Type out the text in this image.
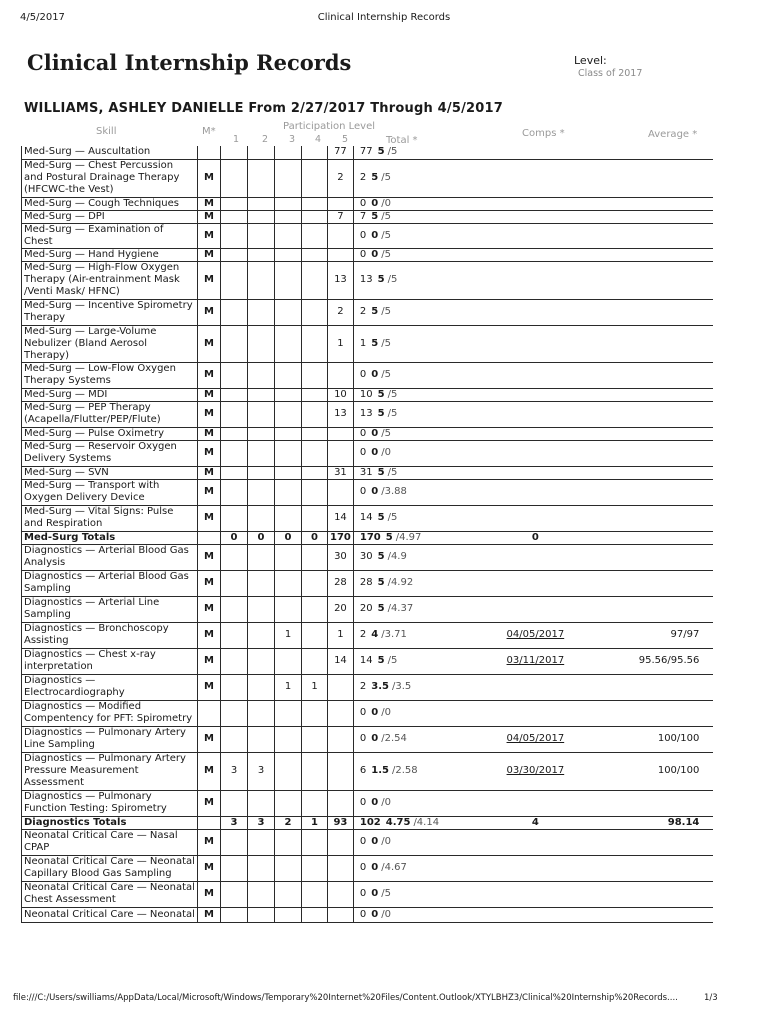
4/5/2017	Clinical Internship Records
Clinical Internship Records	Level:
Class of 2017
WILLIAMS, ASHLEY DANIELLE From 2/27/2017 Through 4/5/2017
Skill	M*	Participation Level
1 2 3 4 5	Total *
Comps *	Average *
Med-Surg — Auscultation						77	77 5 /5		
Med-Surg — Chest Percussion and Postural Drainage Therapy (HFCWC-the Vest)	M					2	2 5 /5		
Med-Surg — Cough Techniques	M						0 0 /0		
Med-Surg — DPI	M					7	7 5 /5		
Med-Surg — Examination of Chest	M						0 0 /5		
Med-Surg — Hand Hygiene	M						0 0 /5		
Med-Surg — High-Flow Oxygen Therapy (Air-entrainment Mask /Venti Mask/ HFNC)	M					13	13 5 /5		
Med-Surg — Incentive Spirometry Therapy	M					2	2 5 /5		
Med-Surg — Large-Volume Nebulizer (Bland Aerosol Therapy)	M					1	1 5 /5		
Med-Surg — Low-Flow Oxygen Therapy Systems	M						0 0 /5		
Med-Surg — MDI	M					10	10 5 /5		
Med-Surg — PEP Therapy (Acapella/Flutter/PEP/Flute)	M					13	13 5 /5		
Med-Surg — Pulse Oximetry	M						0 0 /5		
Med-Surg — Reservoir Oxygen Delivery Systems	M						0 0 /0		
Med-Surg — SVN	M					31	31 5 /5		
Med-Surg — Transport with Oxygen Delivery Device	M						0 0 /3.88		
Med-Surg — Vital Signs: Pulse and Respiration	M					14	14 5 /5		
Med-Surg Totals		0	0	0	0	170	170 5 /4.97	0	
Diagnostics — Arterial Blood Gas Analysis	M					30	30 5 /4.9		
Diagnostics — Arterial Blood Gas Sampling	M					28	28 5 /4.92		
Diagnostics — Arterial Line Sampling	M					20	20 5 /4.37		
Diagnostics — Bronchoscopy Assisting	M			1		1	2 4 /3.71	04/05/2017	97/97
Diagnostics — Chest x-ray interpretation	M					14	14 5 /5	03/11/2017	95.56/95.56
Diagnostics — Electrocardiography	M			1	1		2 3.5 /3.5		
Diagnostics — Modified Compentency for PFT: Spirometry							0 0 /0		
Diagnostics — Pulmonary Artery Line Sampling	M						0 0 /2.54	04/05/2017	100/100
Diagnostics — Pulmonary Artery Pressure Measurement Assessment	M	3	3				6 1.5 /2.58	03/30/2017	100/100
Diagnostics — Pulmonary Function Testing: Spirometry	M						0 0 /0		
Diagnostics Totals		3	3	2	1	93	102 4.75 /4.14	4	98.14
Neonatal Critical Care — Nasal CPAP	M						0 0 /0		
Neonatal Critical Care — Neonatal Capillary Blood Gas Sampling	M						0 0 /4.67		
Neonatal Critical Care — Neonatal Chest Assessment	M						0 0 /5		
Neonatal Critical Care — Neonatal	M						0 0 /0		
file:///C:/Users/swilliams/AppData/Local/Microsoft/Windows/Temporary%20Internet%20Files/Content.Outlook/XTYLBHZ3/Clinical%20Internship%20Records....	1/3
